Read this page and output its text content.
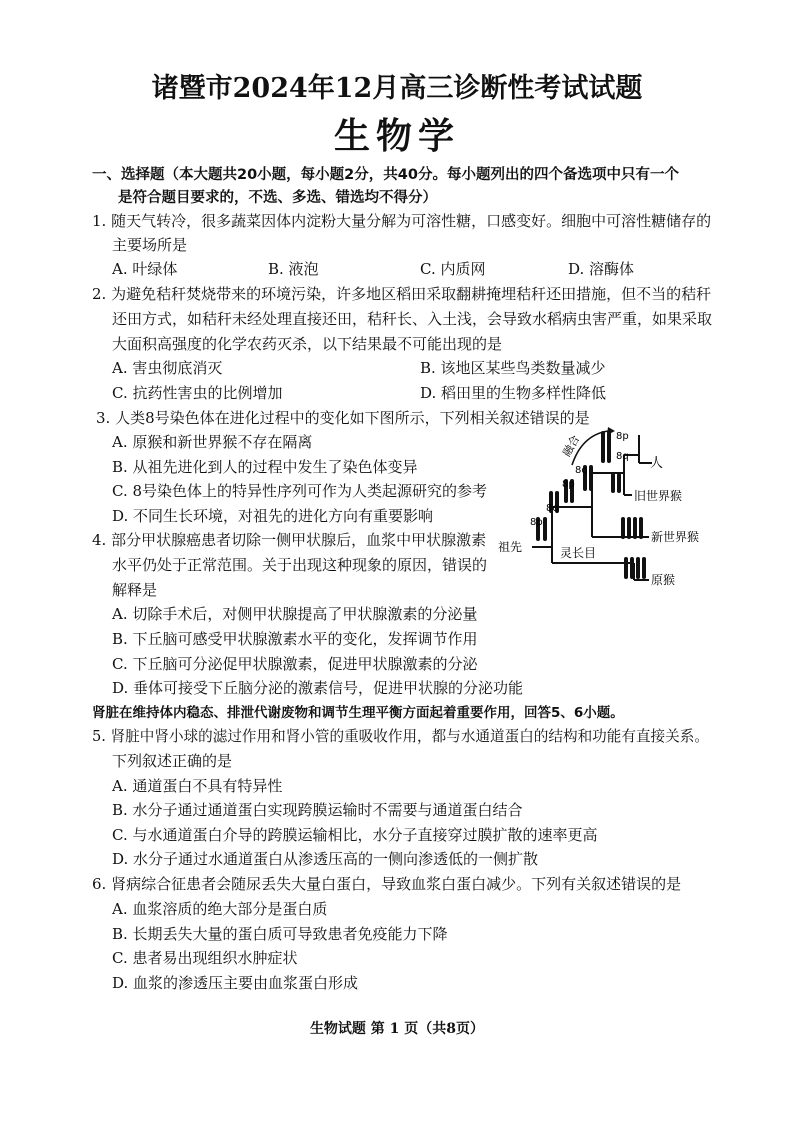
诸暨市2024年12月高三诊断性考试试题
生物学
一、选择题（本大题共20小题，每小题2分，共40分。每小题列出的四个备选项中只有一个
是符合题目要求的，不选、多选、错选均不得分）
1. 随天气转冷，很多蔬菜因体内淀粉大量分解为可溶性糖，口感变好。细胞中可溶性糖储存的
主要场所是
A. 叶绿体	B. 液泡	C. 内质网	D. 溶酶体
2. 为避免秸秆焚烧带来的环境污染，许多地区稻田采取翻耕掩埋秸秆还田措施，但不当的秸秆
还田方式，如秸秆未经处理直接还田，秸秆长、入土浅，会导致水稻病虫害严重，如果采取
大面积高强度的化学农药灭杀，以下结果最不可能出现的是
A. 害虫彻底消灭	B. 该地区某些鸟类数量减少
C. 抗药性害虫的比例增加	D. 稻田里的生物多样性降低
3. 人类8号染色体在进化过程中的变化如下图所示，下列相关叙述错误的是
A. 原猴和新世界猴不存在隔离
B. 从祖先进化到人的过程中发生了染色体变异
C. 8号染色体上的特异性序列可作为人类起源研究的参考
D. 不同生长环境，对祖先的进化方向有重要影响
祖先	灵长目
人
旧世界猴
新世界猴
原猴
融合	8p
8q
8q
8p
8q
8p
4. 部分甲状腺癌患者切除一侧甲状腺后，血浆中甲状腺激素
水平仍处于正常范围。关于出现这种现象的原因，错误的
解释是
A. 切除手术后，对侧甲状腺提高了甲状腺激素的分泌量
B. 下丘脑可感受甲状腺激素水平的变化，发挥调节作用
C. 下丘脑可分泌促甲状腺激素，促进甲状腺激素的分泌
D. 垂体可接受下丘脑分泌的激素信号，促进甲状腺的分泌功能
肾脏在维持体内稳态、排泄代谢废物和调节生理平衡方面起着重要作用，回答5、6小题。
5. 肾脏中肾小球的滤过作用和肾小管的重吸收作用，都与水通道蛋白的结构和功能有直接关系。
下列叙述正确的是
A. 通道蛋白不具有特异性
B. 水分子通过通道蛋白实现跨膜运输时不需要与通道蛋白结合
C. 与水通道蛋白介导的跨膜运输相比，水分子直接穿过膜扩散的速率更高
D. 水分子通过水通道蛋白从渗透压高的一侧向渗透低的一侧扩散
6. 肾病综合征患者会随尿丢失大量白蛋白，导致血浆白蛋白减少。下列有关叙述错误的是
A. 血浆溶质的绝大部分是蛋白质
B. 长期丢失大量的蛋白质可导致患者免疫能力下降
C. 患者易出现组织水肿症状
D. 血浆的渗透压主要由血浆蛋白形成
生物试题 第 1 页（共8页）
